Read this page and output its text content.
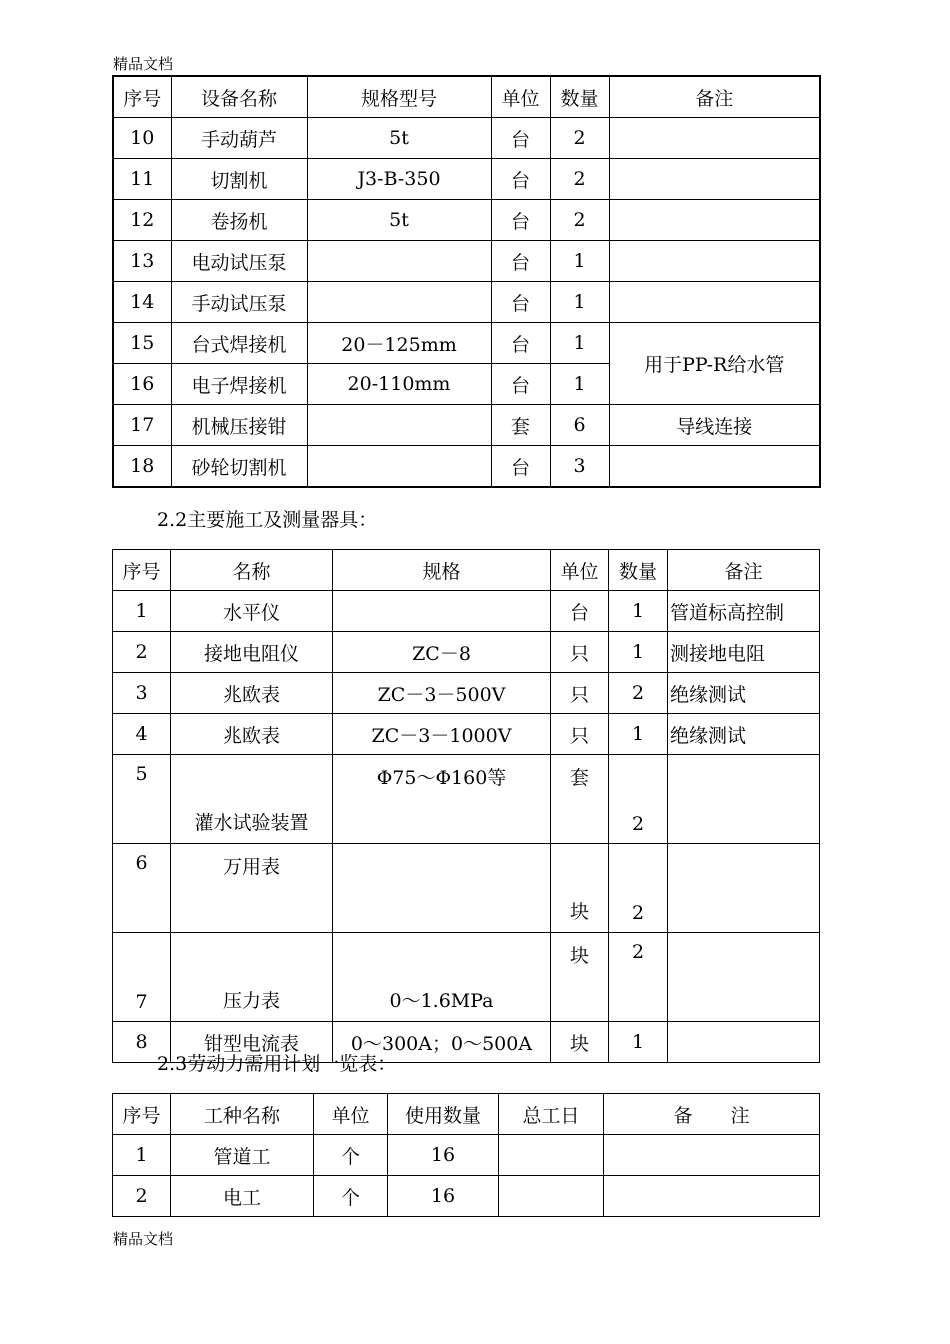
精品文档
序号	设备名称	规格型号	单位	数量	备注
10	手动葫芦	5t	台	2	
11	切割机	J3-B-350	台	2	
12	卷扬机	5t	台	2	
13	电动试压泵		台	1	
14	手动试压泵		台	1	
15	台式焊接机	20－125mm	台	1	用于PP-R给水管
16	电子焊接机	20-110mm	台	1	
17	机械压接钳		套	6	导线连接
18	砂轮切割机		台	3	
2.2主要施工及测量器具：
序号	名称	规格	单位	数量	备注
1	水平仪		台	1	管道标高控制
2	接地电阻仪	ZC－8	只	1	测接地电阻
3	兆欧表	ZC－3－500V	只	2	绝缘测试
4	兆欧表	ZC－3－1000V	只	1	绝缘测试
5	灌水试验装置	Φ75～Φ160等	套	2	
6	万用表		块	2	
7	压力表	0～1.6MPa	块	2	
8	钳型电流表	0～300A；0～500A	块	1	
2.3劳动力需用计划一览表：
序号	工种名称	单位	使用数量	总工日	备　　注
1	管道工	个	16		
2	电工	个	16		
精品文档
